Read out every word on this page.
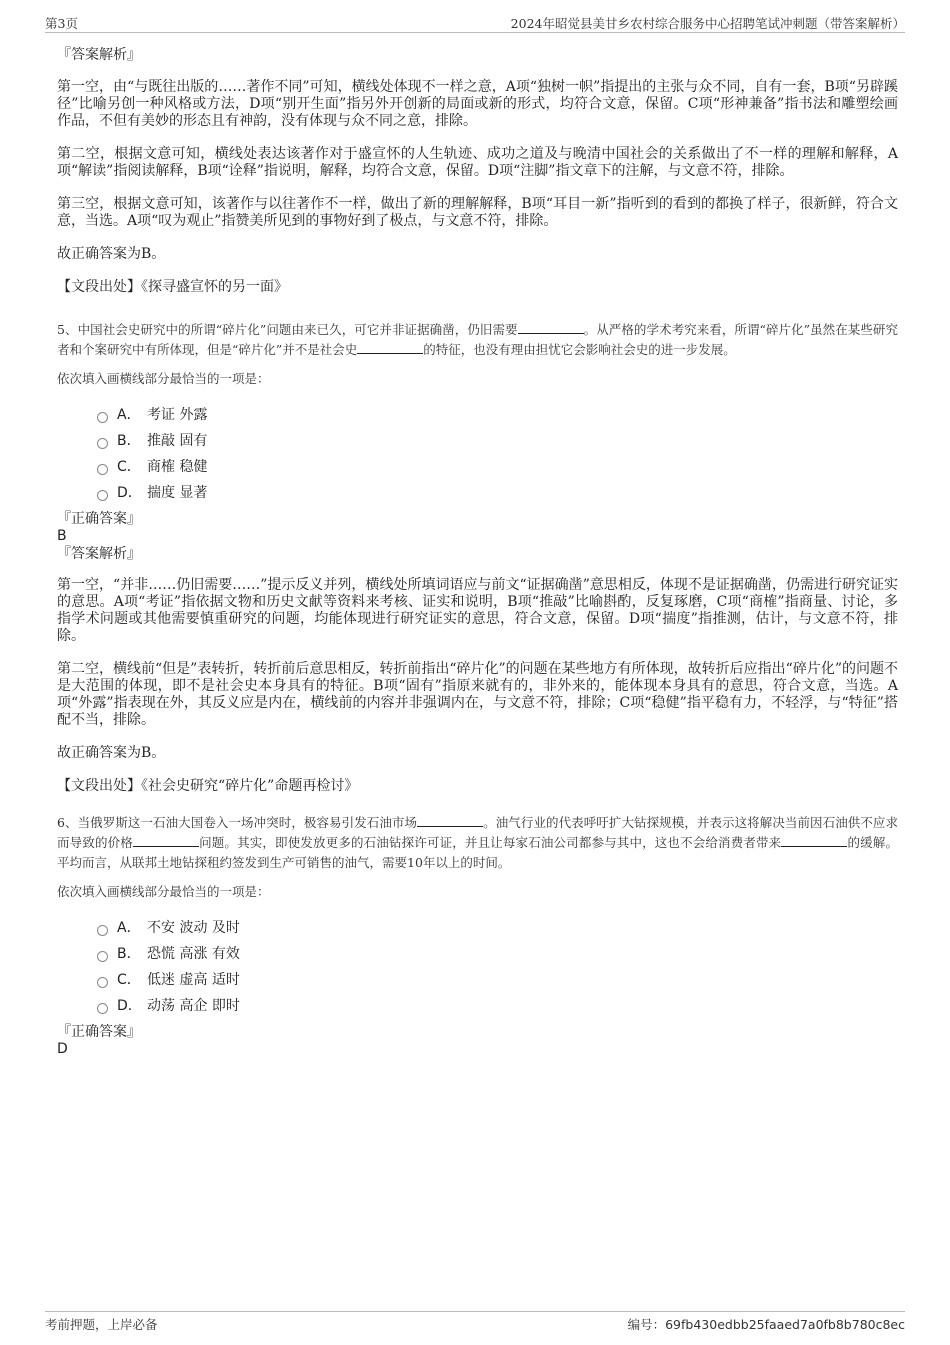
第3页	2024年昭觉县美甘乡农村综合服务中心招聘笔试冲刺题（带答案解析）
『答案解析』

第一空，由“与既往出版的……著作不同”可知，横线处体现不一样之意，A项“独树一帜”指提出的主张与众不同，自有一套，B项“另辟蹊径”比喻另创一种风格或方法，D项“别开生面”指另外开创新的局面或新的形式，均符合文意，保留。C项“形神兼备”指书法和雕塑绘画作品，不但有美妙的形态且有神韵，没有体现与众不同之意，排除。

第二空，根据文意可知，横线处表达该著作对于盛宣怀的人生轨迹、成功之道及与晚清中国社会的关系做出了不一样的理解和解释，A项“解读”指阅读解释，B项“诠释”指说明，解释，均符合文意，保留。D项“注脚”指文章下的注解，与文意不符，排除。

第三空，根据文意可知，该著作与以往著作不一样，做出了新的理解解释，B项“耳目一新”指听到的看到的都换了样子，很新鲜，符合文意，当选。A项“叹为观止”指赞美所见到的事物好到了极点，与文意不符，排除。

故正确答案为B。

【文段出处】《探寻盛宣怀的另一面》

5、中国社会史研究中的所谓“碎片化”问题由来已久，可它并非证据确凿，仍旧需要	。从严格的学术考究来看，所谓“碎片化”虽然在某些研究者和个案研究中有所体现，但是“碎片化”并不是社会史	的特征，也没有理由担忧它会影响社会史的进一步发展。

依次填入画横线部分最恰当的一项是：

A． 考证 外露
B． 推敲 固有
C． 商榷 稳健
D． 揣度 显著
『正确答案』
B
『答案解析』

第一空，“并非……仍旧需要……”提示反义并列，横线处所填词语应与前文“证据确凿”意思相反，体现不是证据确凿，仍需进行研究证实的意思。A项“考证”指依据文物和历史文献等资料来考核、证实和说明，B项“推敲”比喻斟酌，反复琢磨，C项“商榷”指商量、讨论，多指学术问题或其他需要慎重研究的问题，均能体现进行研究证实的意思，符合文意，保留。D项“揣度”指推测，估计，与文意不符，排除。

第二空，横线前“但是”表转折，转折前后意思相反，转折前指出“碎片化”的问题在某些地方有所体现，故转折后应指出“碎片化”的问题不是大范围的体现，即不是社会史本身具有的特征。B项“固有”指原来就有的，非外来的，能体现本身具有的意思，符合文意，当选。A项“外露”指表现在外，其反义应是内在，横线前的内容并非强调内在，与文意不符，排除；C项“稳健”指平稳有力，不轻浮，与“特征”搭配不当，排除。

故正确答案为B。

【文段出处】《社会史研究“碎片化”命题再检讨》

6、当俄罗斯这一石油大国卷入一场冲突时，极容易引发石油市场	。油气行业的代表呼吁扩大钻探规模，并表示这将解决当前因石油供不应求而导致的价格	问题。其实，即使发放更多的石油钻探许可证，并且让每家石油公司都参与其中，这也不会给消费者带来	的缓解。平均而言，从联邦土地钻探租约签发到生产可销售的油气，需要10年以上的时间。

依次填入画横线部分最恰当的一项是：

A． 不安 波动 及时
B． 恐慌 高涨 有效
C． 低迷 虚高 适时
D． 动荡 高企 即时
『正确答案』
D
考前押题，上岸必备	编号：69fb430edbb25faaed7a0fb8b780c8ec
